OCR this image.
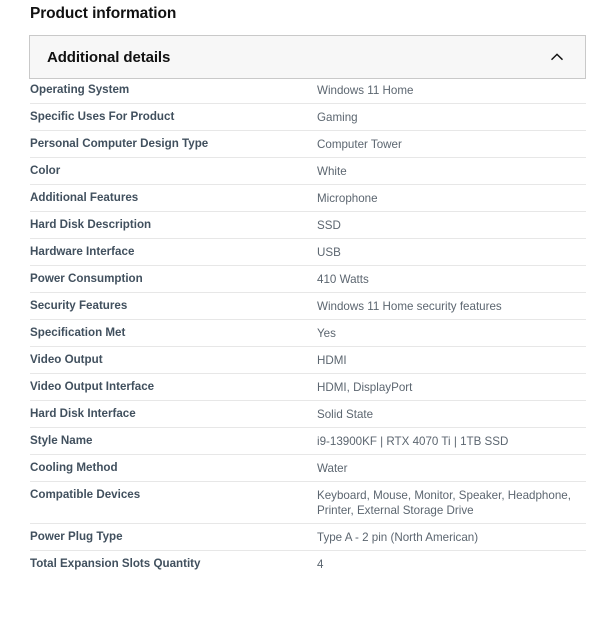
Product information
Additional details
Operating System	Windows 11 Home
Specific Uses For Product	Gaming
Personal Computer Design Type	Computer Tower
Color	White
Additional Features	Microphone
Hard Disk Description	SSD
Hardware Interface	USB
Power Consumption	410 Watts
Security Features	Windows 11 Home security features
Specification Met	Yes
Video Output	HDMI
Video Output Interface	HDMI, DisplayPort
Hard Disk Interface	Solid State
Style Name	i9-13900KF | RTX 4070 Ti | 1TB SSD
Cooling Method	Water
Compatible Devices	Keyboard, Mouse, Monitor, Speaker, Headphone, Printer, External Storage Drive
Power Plug Type	Type A - 2 pin (North American)
Total Expansion Slots Quantity	4
